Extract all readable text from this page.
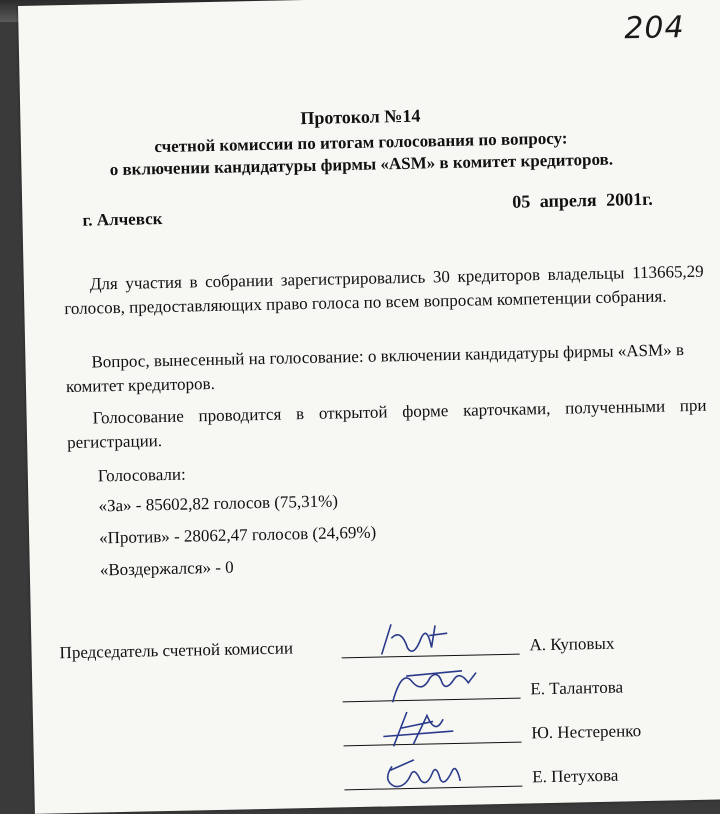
204
Протокол №14
счетной комиссии по итогам голосования по вопросу:
о включении кандидатуры фирмы «ASM» в комитет кредиторов.
г. Алчевск
05 апреля 2001г.
Для участия в собрании зарегистрировались 30 кредиторов владельцы 113665,29 голосов, предоставляющих право голоса по всем вопросам компетенции собрания.
Вопрос, вынесенный на голосование: о включении кандидатуры фирмы «ASM» в комитет кредиторов.
Голосование проводится в открытой форме карточками, полученными при регистрации.
Голосовали:
«За» - 85602,82 голосов (75,31%)
«Против» - 28062,47 голосов (24,69%)
«Воздержался» - 0
Председатель счетной комиссии	А. Куповых
Е. Талантова
Ю. Нестеренко
Е. Петухова
